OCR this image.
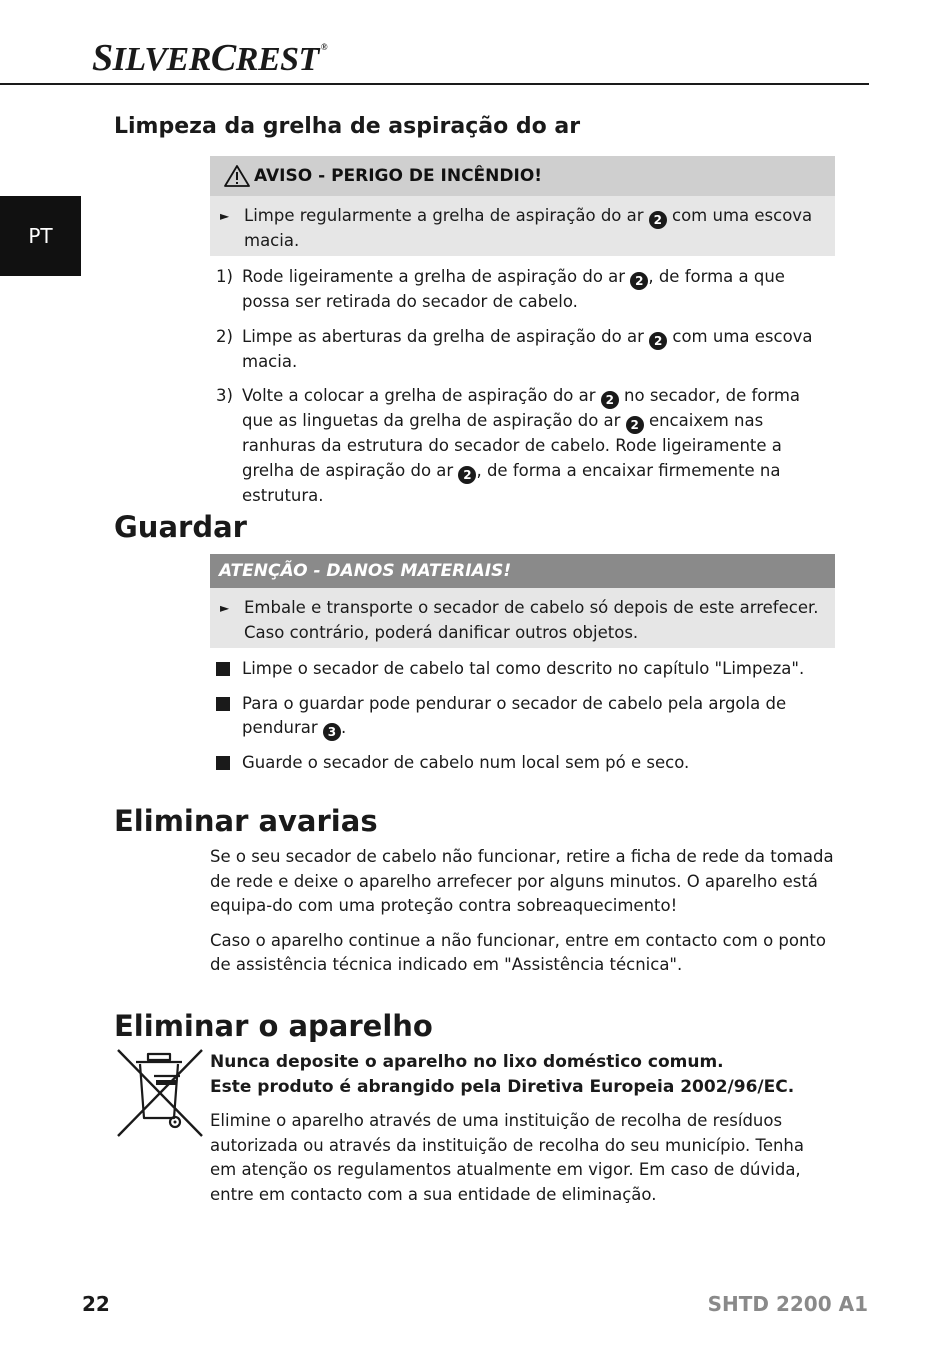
SILVERCREST ®
PT
Limpeza da grelha de aspiração do ar
AVISO - PERIGO DE INCÊNDIO!
► Limpe regularmente a grelha de aspiração do ar 2 com uma escova macia.
1) Rode ligeiramente a grelha de aspiração do ar 2 , de forma a que possa ser retirada do secador de cabelo.
2) Limpe as aberturas da grelha de aspiração do ar 2 com uma escova macia.
3) Volte a colocar a grelha de aspiração do ar 2 no secador, de forma que as linguetas da grelha de aspiração do ar 2 encaixem nas ranhuras da estrutura do secador de cabelo. Rode ligeiramente a grelha de aspiração do ar 2 , de forma a encaixar firmemente na estrutura.
Guardar
ATENÇÃO - DANOS MATERIAIS!
► Embale e transporte o secador de cabelo só depois de este arrefecer. Caso contrário, poderá danificar outros objetos.
Limpe o secador de cabelo tal como descrito no capítulo "Limpeza".
Para o guardar pode pendurar o secador de cabelo pela argola de pendurar 3 .
Guarde o secador de cabelo num local sem pó e seco.
Eliminar avarias

Se o seu secador de cabelo não funcionar, retire a ficha de rede da tomada de rede e deixe o aparelho arrefecer por alguns minutos. O aparelho está equipa-do com uma proteção contra sobreaquecimento!

Caso o aparelho continue a não funcionar, entre em contacto com o ponto de assistência técnica indicado em "Assistência técnica".

Eliminar o aparelho
Nunca deposite o aparelho no lixo doméstico comum.
Este produto é abrangido pela Diretiva Europeia 2002/96/EC.

Elimine o aparelho através de uma instituição de recolha de resíduos autorizada ou através da instituição de recolha do seu município. Tenha em atenção os regulamentos atualmente em vigor. Em caso de dúvida, entre em contacto com a sua entidade de eliminação.

22	SHTD 2200 A1
